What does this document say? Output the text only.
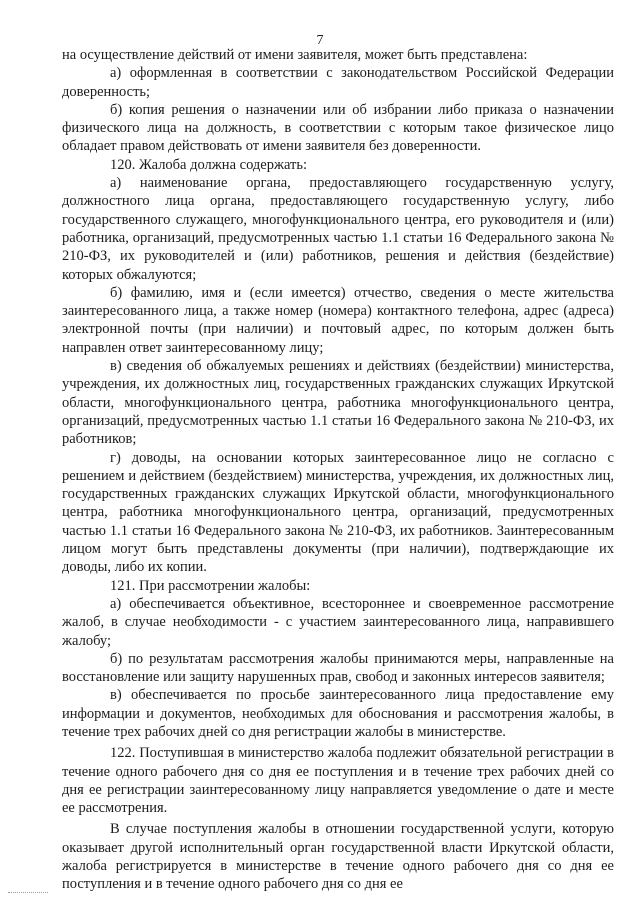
7

на осуществление действий от имени заявителя, может быть представлена:

а) оформленная в соответствии с законодательством Российской Федерации доверенность;

б) копия решения о назначении или об избрании либо приказа о назначении физического лица на должность, в соответствии с которым такое физическое лицо обладает правом действовать от имени заявителя без доверенности.

120. Жалоба должна содержать:

а) наименование органа, предоставляющего государственную услугу, должностного лица органа, предоставляющего государственную услугу, либо государственного служащего, многофункционального центра, его руководителя и (или) работника, организаций, предусмотренных частью 1.1 статьи 16 Федерального закона № 210-ФЗ, их руководителей и (или) работников, решения и действия (бездействие) которых обжалуются;

б) фамилию, имя и (если имеется) отчество, сведения о месте жительства заинтересованного лица, а также номер (номера) контактного телефона, адрес (адреса) электронной почты (при наличии) и почтовый адрес, по которым должен быть направлен ответ заинтересованному лицу;

в) сведения об обжалуемых решениях и действиях (бездействии) министерства, учреждения, их должностных лиц, государственных гражданских служащих Иркутской области, многофункционального центра, работника многофункционального центра, организаций, предусмотренных частью 1.1 статьи 16 Федерального закона № 210-ФЗ, их работников;

г) доводы, на основании которых заинтересованное лицо не согласно с решением и действием (бездействием) министерства, учреждения, их должностных лиц, государственных гражданских служащих Иркутской области, многофункционального центра, работника многофункционального центра, организаций, предусмотренных частью 1.1 статьи 16 Федерального закона № 210-ФЗ, их работников. Заинтересованным лицом могут быть представлены документы (при наличии), подтверждающие их доводы, либо их копии.

121. При рассмотрении жалобы:

а) обеспечивается объективное, всестороннее и своевременное рассмотрение жалоб, в случае необходимости - с участием заинтересованного лица, направившего жалобу;

б) по результатам рассмотрения жалобы принимаются меры, направленные на восстановление или защиту нарушенных прав, свобод и законных интересов заявителя;

в) обеспечивается по просьбе заинтересованного лица предоставление ему информации и документов, необходимых для обоснования и рассмотрения жалобы, в течение трех рабочих дней со дня регистрации жалобы в министерстве.

122. Поступившая в министерство жалоба подлежит обязательной регистрации в течение одного рабочего дня со дня ее поступления и в течение трех рабочих дней со дня ее регистрации заинтересованному лицу направляется уведомление о дате и месте ее рассмотрения.

В случае поступления жалобы в отношении государственной услуги, которую оказывает другой исполнительный орган государственной власти Иркутской области, жалоба регистрируется в министерстве в течение одного рабочего дня со дня ее поступления и в течение одного рабочего дня со дня ее
